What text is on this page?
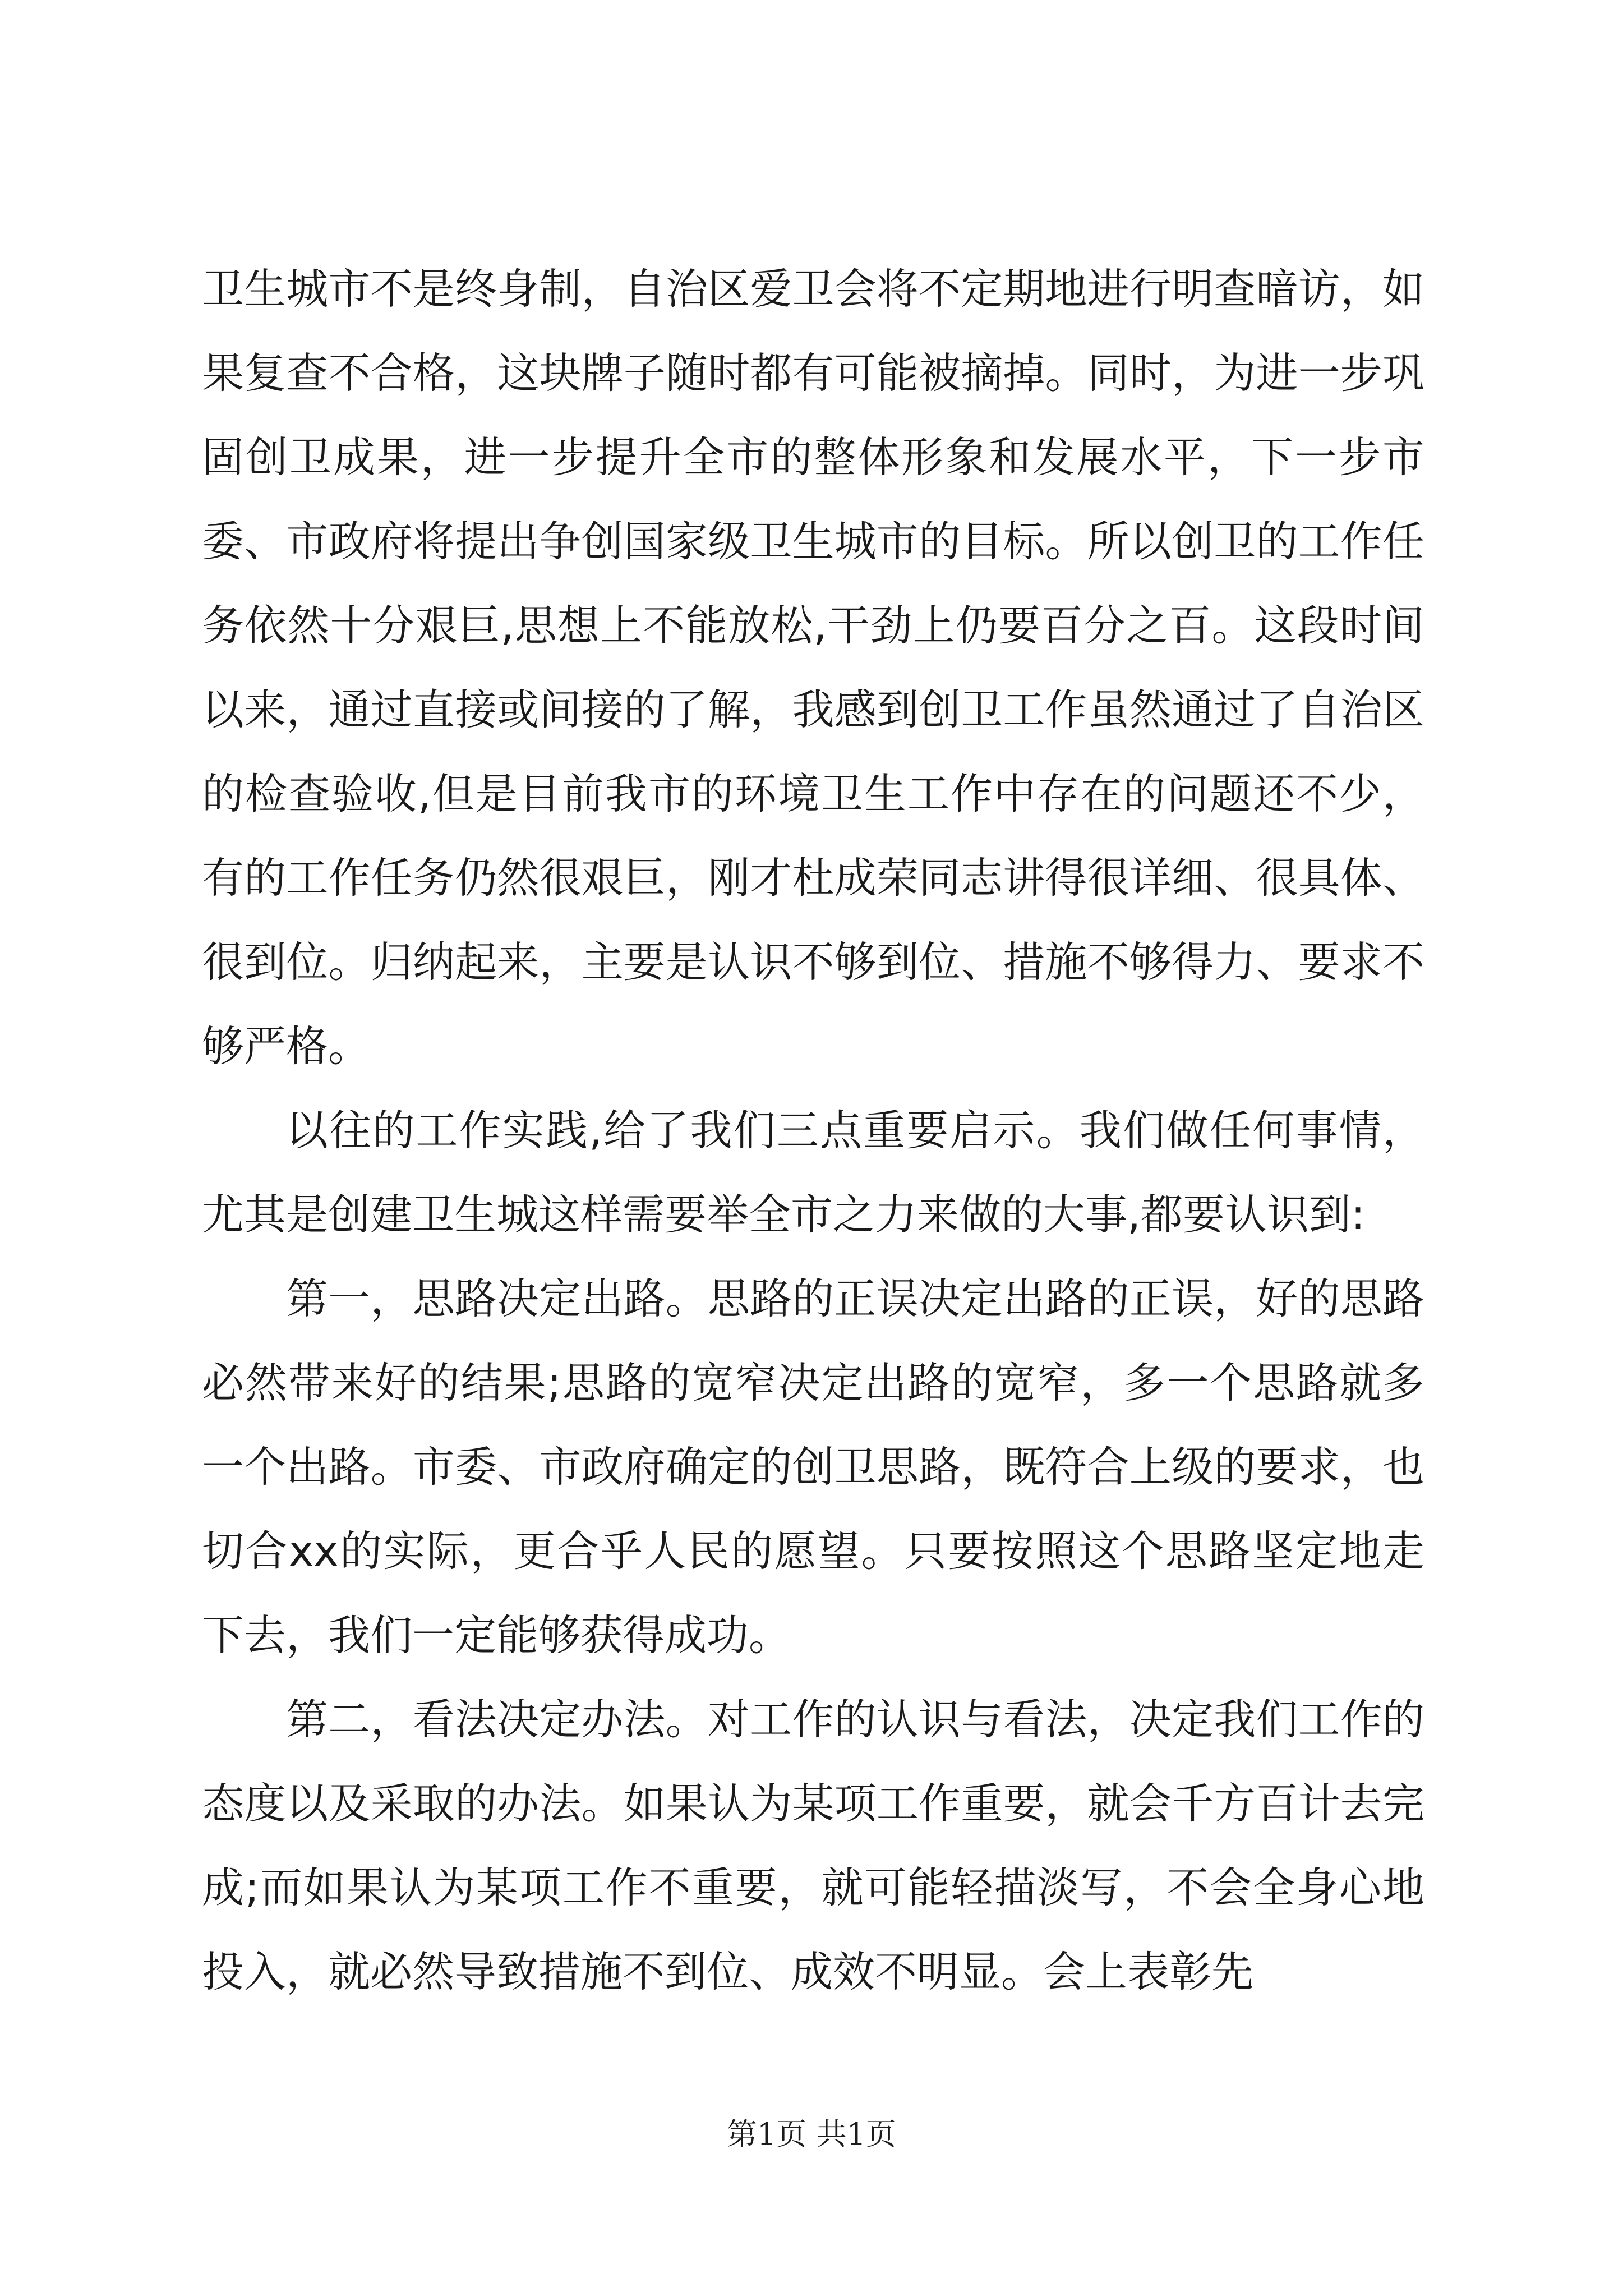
卫生城市不是终身制，自治区爱卫会将不定期地进行明查暗访，如果复查不合格，这块牌子随时都有可能被摘掉。同时，为进一步巩固创卫成果，进一步提升全市的整体形象和发展水平，下一步市委、市政府将提出争创国家级卫生城市的目标。所以创卫的工作任务依然十分艰巨,思想上不能放松,干劲上仍要百分之百。这段时间以来，通过直接或间接的了解，我感到创卫工作虽然通过了自治区的检查验收,但是目前我市的环境卫生工作中存在的问题还不少，有的工作任务仍然很艰巨，刚才杜成荣同志讲得很详细、很具体、很到位。归纳起来，主要是认识不够到位、措施不够得力、要求不够严格。

以往的工作实践,给了我们三点重要启示。我们做任何事情，尤其是创建卫生城这样需要举全市之力来做的大事,都要认识到:

第一，思路决定出路。思路的正误决定出路的正误，好的思路必然带来好的结果;思路的宽窄决定出路的宽窄，多一个思路就多一个出路。市委、市政府确定的创卫思路，既符合上级的要求，也切合xx的实际，更合乎人民的愿望。只要按照这个思路坚定地走下去，我们一定能够获得成功。

第二，看法决定办法。对工作的认识与看法，决定我们工作的态度以及采取的办法。如果认为某项工作重要，就会千方百计去完成;而如果认为某项工作不重要，就可能轻描淡写，不会全身心地投入，就必然导致措施不到位、成效不明显。会上表彰先

第1页 共1页
